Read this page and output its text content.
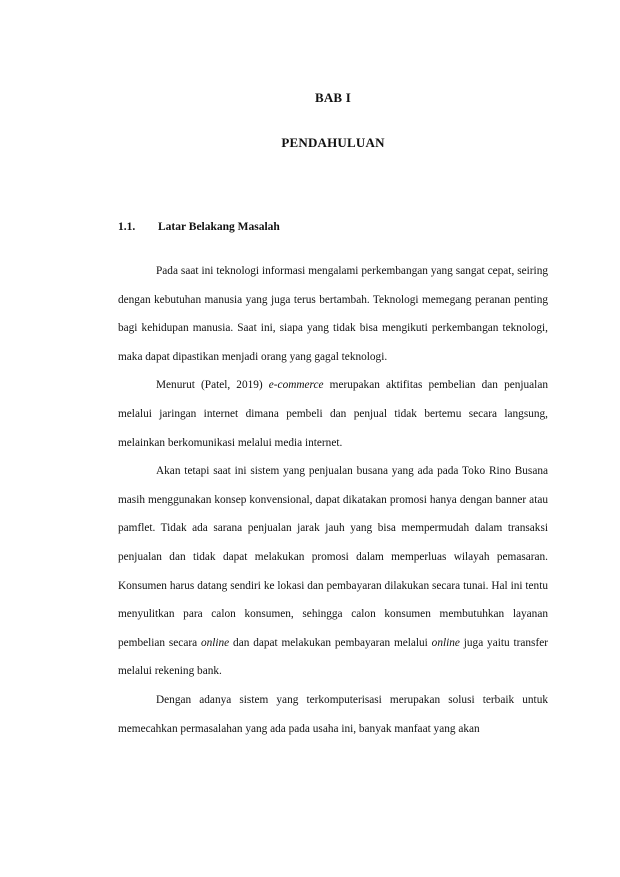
BAB I
PENDAHULUAN
1.1. Latar Belakang Masalah

Pada saat ini teknologi informasi mengalami perkembangan yang sangat cepat, seiring dengan kebutuhan manusia yang juga terus bertambah. Teknologi memegang peranan penting bagi kehidupan manusia. Saat ini, siapa yang tidak bisa mengikuti perkembangan teknologi, maka dapat dipastikan menjadi orang yang gagal teknologi.

Menurut (Patel, 2019) e-commerce merupakan aktifitas pembelian dan penjualan melalui jaringan internet dimana pembeli dan penjual tidak bertemu secara langsung, melainkan berkomunikasi melalui media internet.

Akan tetapi saat ini sistem yang penjualan busana yang ada pada Toko Rino Busana masih menggunakan konsep konvensional, dapat dikatakan promosi hanya dengan banner atau pamflet. Tidak ada sarana penjualan jarak jauh yang bisa mempermudah dalam transaksi penjualan dan tidak dapat melakukan promosi dalam memperluas wilayah pemasaran. Konsumen harus datang sendiri ke lokasi dan pembayaran dilakukan secara tunai. Hal ini tentu menyulitkan para calon konsumen, sehingga calon konsumen membutuhkan layanan pembelian secara online dan dapat melakukan pembayaran melalui online juga yaitu transfer melalui rekening bank.

Dengan adanya sistem yang terkomputerisasi merupakan solusi terbaik untuk memecahkan permasalahan yang ada pada usaha ini, banyak manfaat yang akan
